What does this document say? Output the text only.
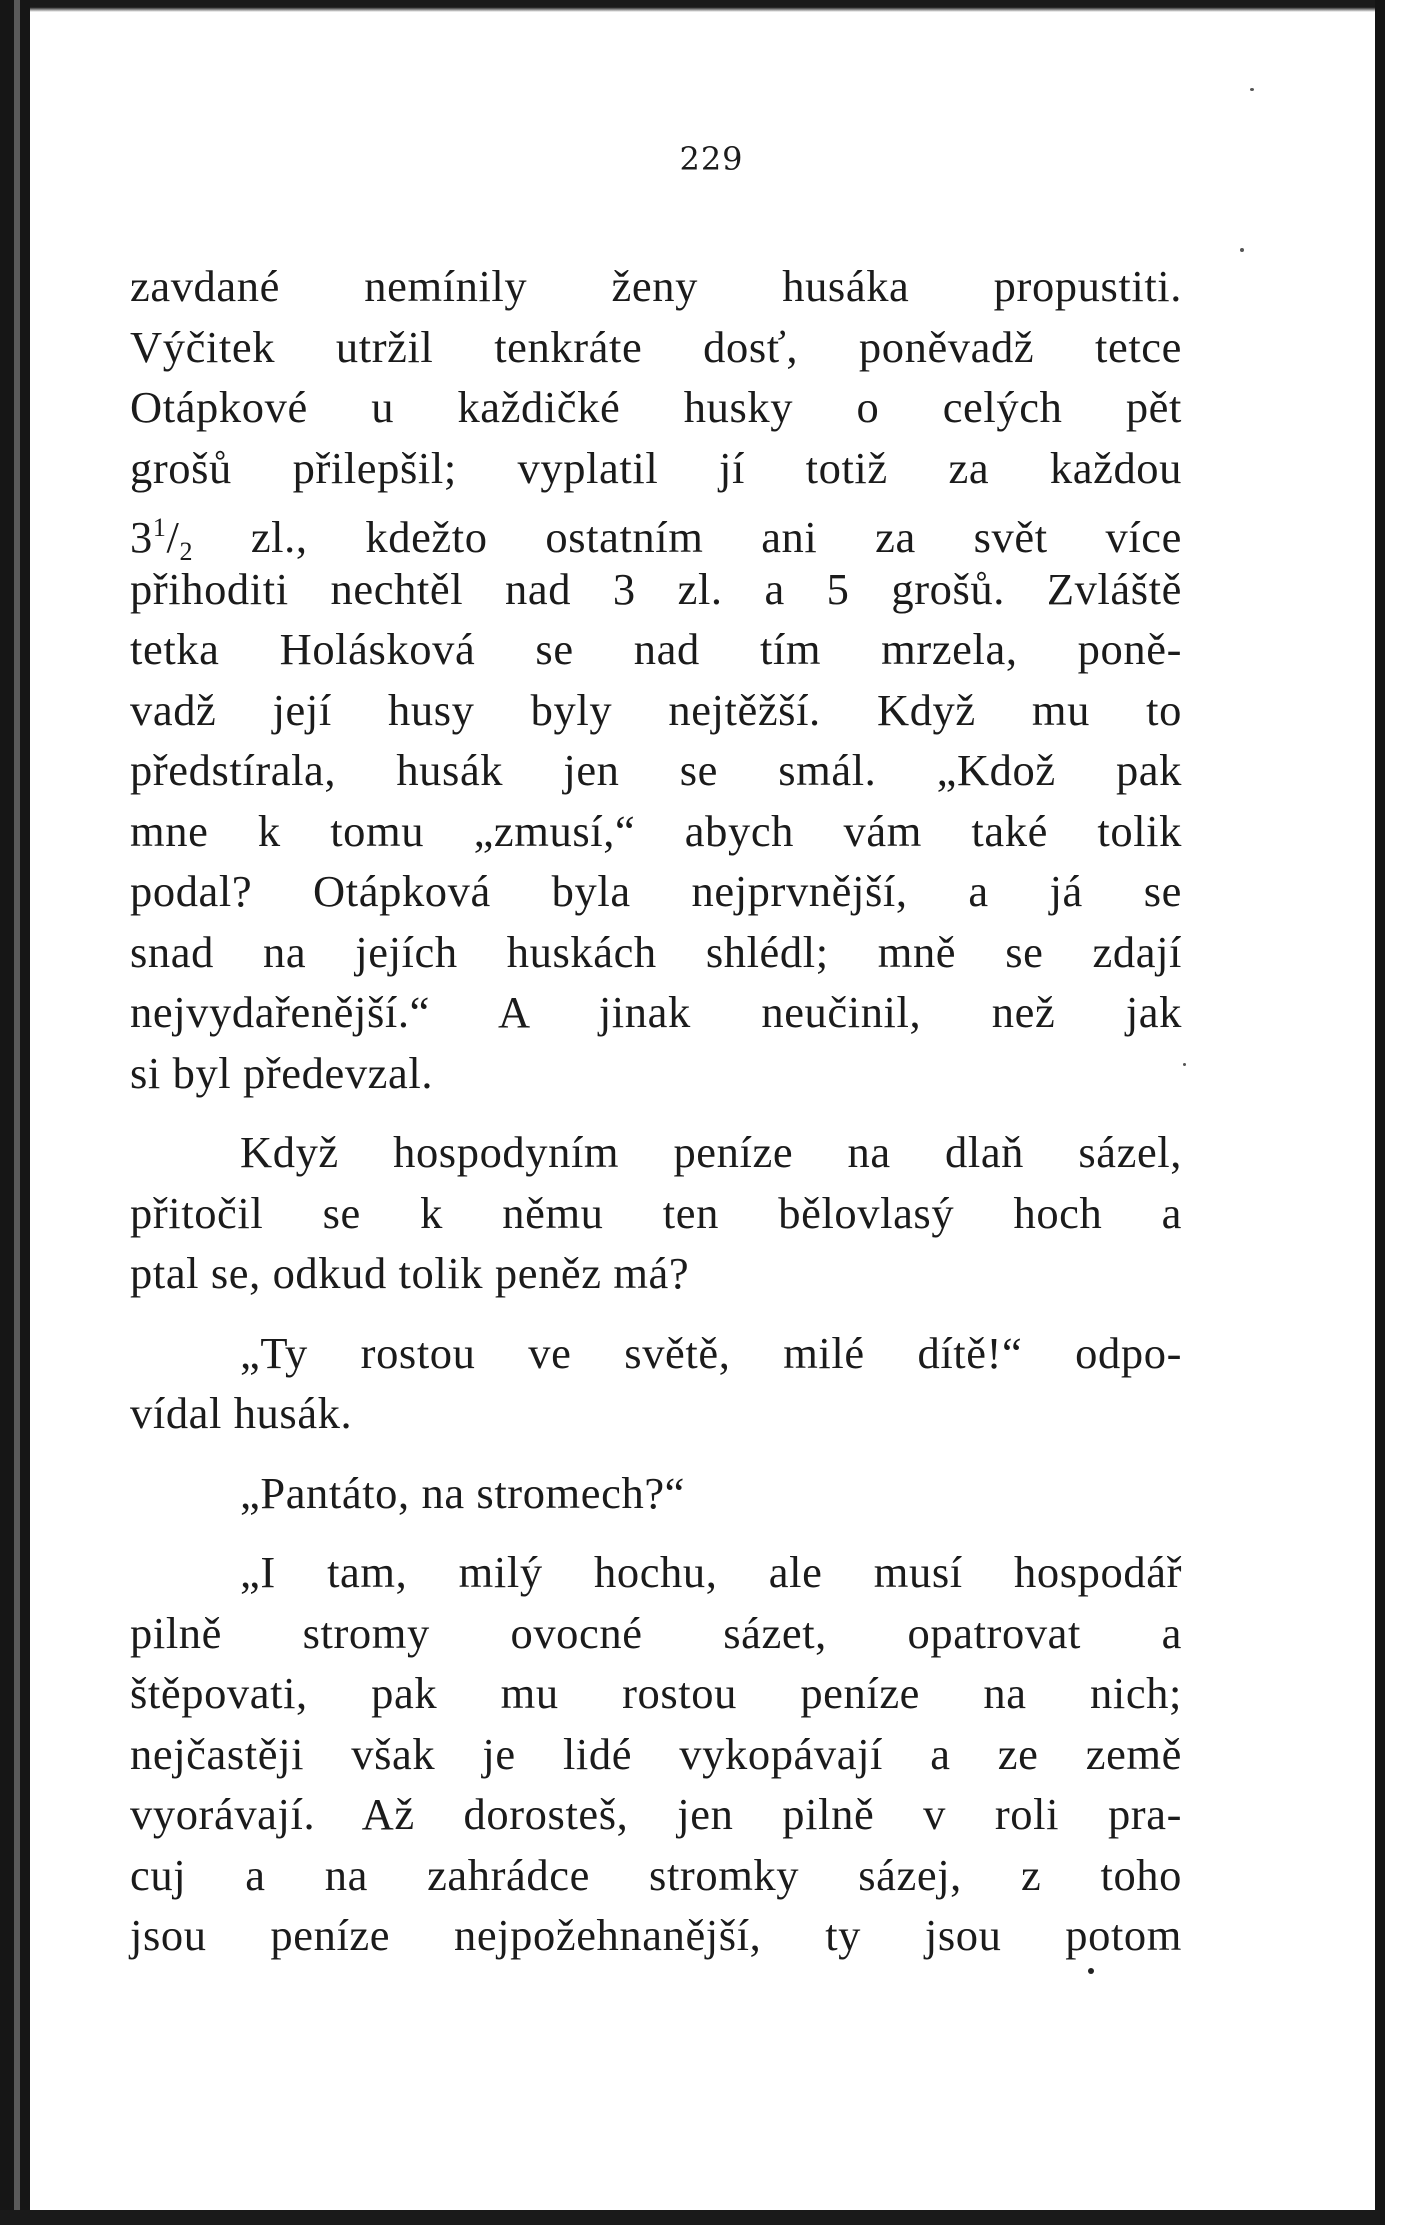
229
zavdané nemínily ženy husáka propustiti.
Výčitek utržil tenkráte dosť, poněvadž tetce
Otápkové u každičké husky o celých pět
grošů přilepšil; vyplatil jí totiž za každou
$3^1/2$ zl., kdežto ostatním ani za svět více
přihoditi nechtěl nad 3 zl. a 5 grošů. Zvláště
tetka Holásková se nad tím mrzela, poně-
vadž její husy byly nejtěžší. Když mu to
předstírala, husák jen se smál. „Kdož pak
mne k tomu „zmusí,“ abych vám také tolik
podal? Otápková byla nejprvnější, a já se
snad na jejích huskách shlédl; mně se zdají
nejvydařenější.“ A jinak neučinil, než jak
si byl předevzal.
Když hospodyním peníze na dlaň sázel,
přitočil se k němu ten bělovlasý hoch a
ptal se, odkud tolik peněz má?
„Ty rostou ve světě, milé dítě!“ odpo-
vídal husák.
„Pantáto, na stromech?“
„I tam, milý hochu, ale musí hospodář
pilně stromy ovocné sázet, opatrovat a
štěpovati, pak mu rostou peníze na nich;
nejčastěji však je lidé vykopávají a ze země
vyorávají. Až dorosteš, jen pilně v roli pra-
cuj a na zahrádce stromky sázej, z toho
jsou peníze nejpožehnanější, ty jsou potom
